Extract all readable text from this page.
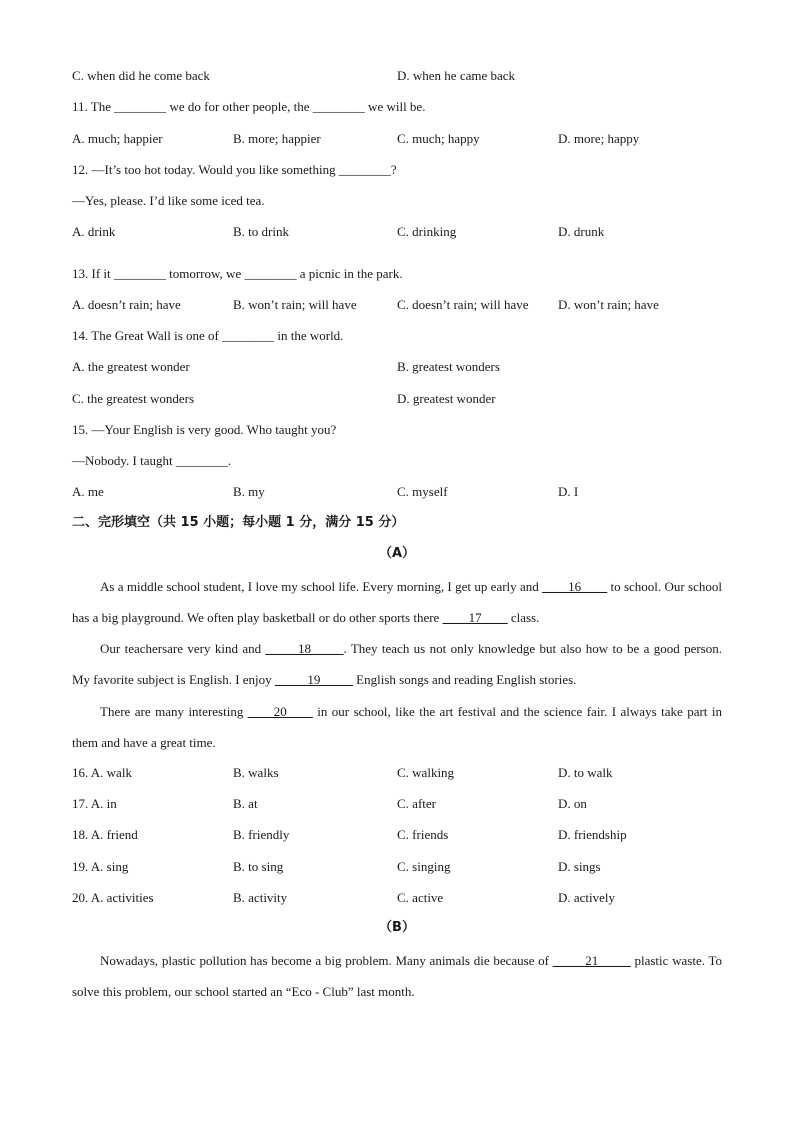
C. when did he come back	D. when he came back
11. The ________ we do for other people, the ________ we will be.
A. much; happier	B. more; happier	C. much; happy	D. more; happy
12. —It’s too hot today. Would you like something ________?
—Yes, please. I’d like some iced tea.
A. drink	B. to drink	C. drinking	D. drunk
13. If it ________ tomorrow, we ________ a picnic in the park.
A. doesn’t rain; have	B. won’t rain; will have	C. doesn’t rain; will have D. won’t rain; have
14. The Great Wall is one of ________ in the world.
A. the greatest wonder	B. greatest wonders
C. the greatest wonders	D. greatest wonder
15. —Your English is very good. Who taught you?
—Nobody. I taught ________.
A. me	B. my	C. myself	D. I
二、完形填空（共 15 小题；每小题 1 分，满分 15 分）
（A）
As a middle school student, I love my school life. Every morning, I get up early and ____16____ to school. Our school has a big playground. We often play basketball or do other sports there ____17____ class.
Our teachersare very kind and _____18_____. They teach us not only knowledge but also how to be a good person. My favorite subject is English. I enjoy _____19_____ English songs and reading English stories.
There are many interesting ____20____ in our school, like the art festival and the science fair. I always take part in them and have a great time.
16. A. walk	B. walks	C. walking	D. to walk
17. A. in	B. at	C. after	D. on
18. A. friend	B. friendly	C. friends	D. friendship
19. A. sing	B. to sing	C. singing	D. sings
20. A. activities	B. activity	C. active	D. actively
（B）
Nowadays, plastic pollution has become a big problem. Many animals die because of _____21_____ plastic waste. To solve this problem, our school started an “Eco - Club” last month.
